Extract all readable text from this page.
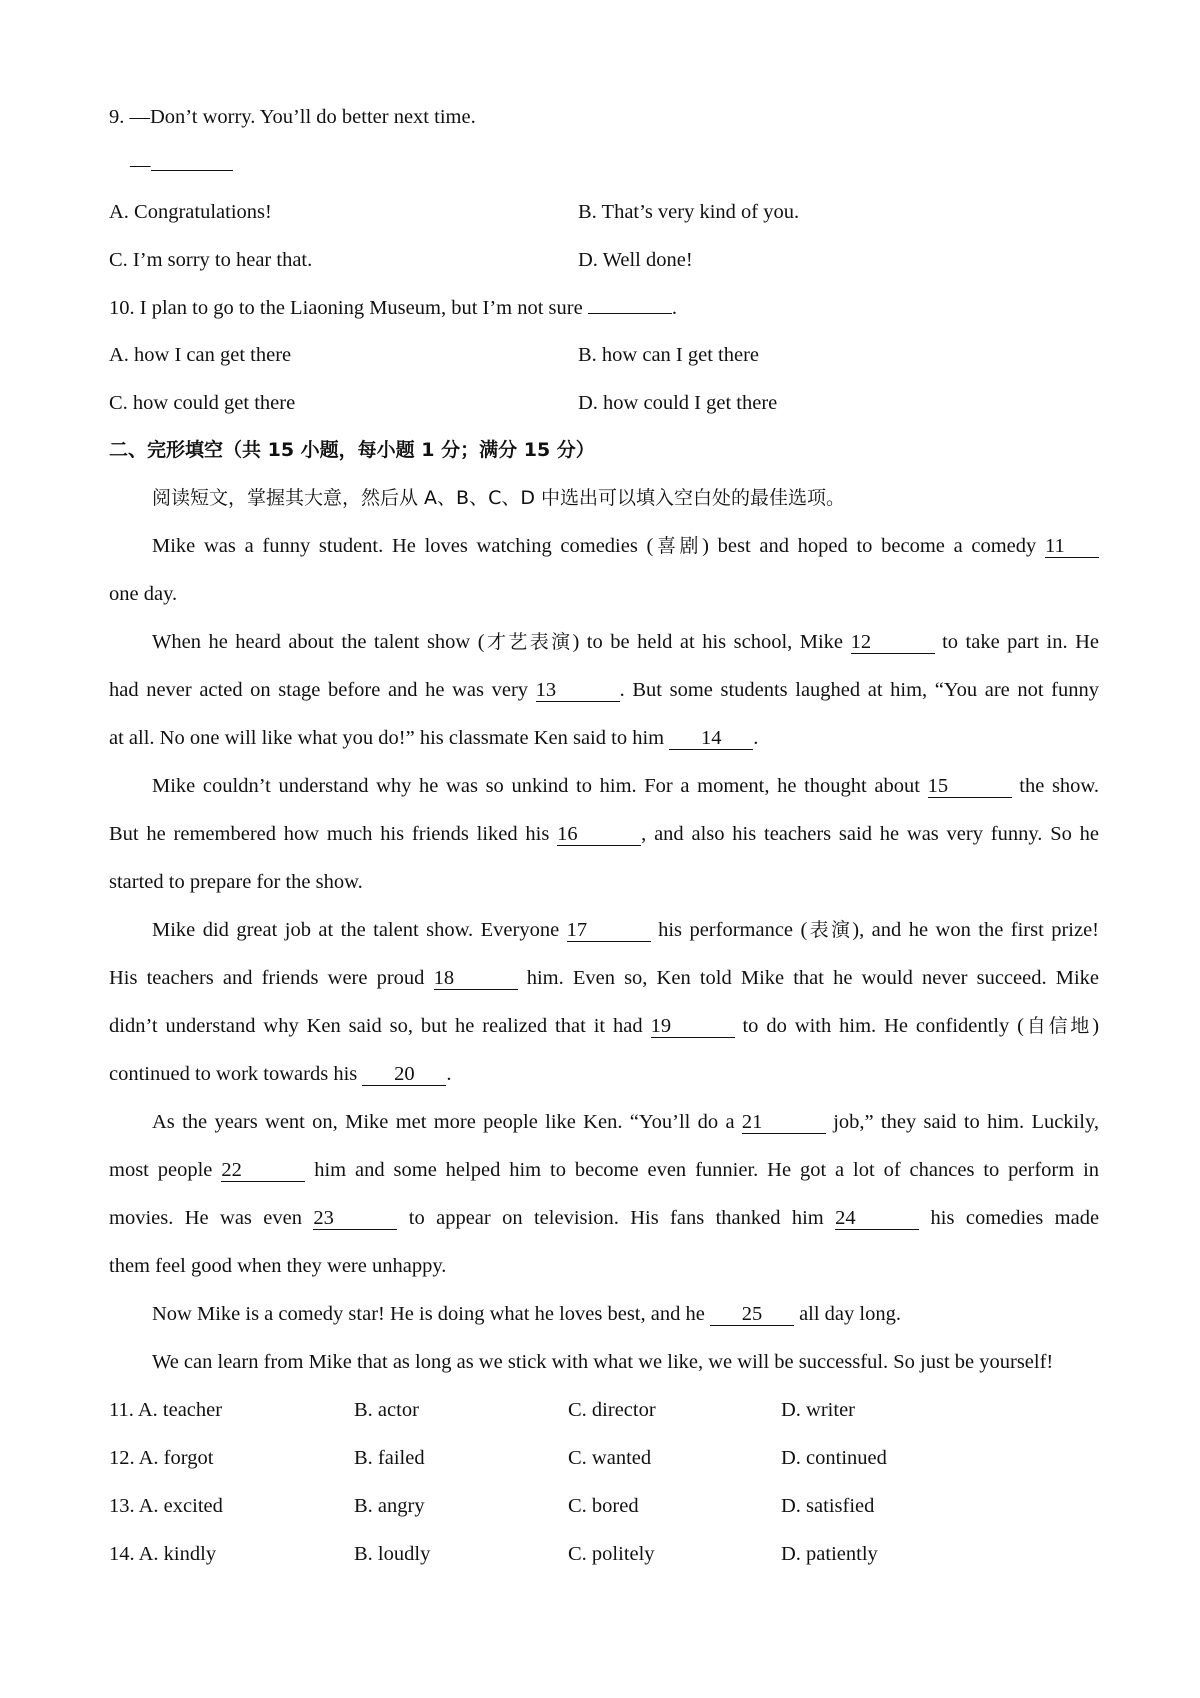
9. —Don’t worry. You’ll do better next time.
—
A. Congratulations!	B. That’s very kind of you.
C. I’m sorry to hear that.	D. Well done!
10. I plan to go to the Liaoning Museum, but I’m not sure	.
A. how I can get there	B. how can I get there
C. how could get there	D. how could I get there
二、完形填空（共 15 小题，每小题 1 分；满分 15 分）
阅读短文，掌握其大意，然后从 A、B、C、D 中选出可以填入空白处的最佳选项。
Mike was a funny student. He loves watching comedies (喜剧) best and hoped to become a comedy 11
one day.
When he heard about the talent show (才艺表演) to be held at his school, Mike 12	to take part in. He
had never acted on stage before and he was very 13	. But some students laughed at him, “You are not funny
at all. No one will like what you do!” his classmate Ken said to him 14 .
Mike couldn’t understand why he was so unkind to him. For a moment, he thought about 15	the show.
But he remembered how much his friends liked his 16	, and also his teachers said he was very funny. So he
started to prepare for the show.
Mike did great job at the talent show. Everyone 17	his performance (表演), and he won the first prize!
His teachers and friends were proud 18	him. Even so, Ken told Mike that he would never succeed. Mike
didn’t understand why Ken said so, but he realized that it had 19	to do with him. He confidently (自信地)
continued to work towards his 20 .
As the years went on, Mike met more people like Ken. “You’ll do a 21	job,” they said to him. Luckily,
most people 22	him and some helped him to become even funnier. He got a lot of chances to perform in
movies. He was even 23	to appear on television. His fans thanked him 24	his comedies made
them feel good when they were unhappy.
Now Mike is a comedy star! He is doing what he loves best, and he 25 all day long.
We can learn from Mike that as long as we stick with what we like, we will be successful. So just be yourself!
11. A. teacher	B. actor	C. director	D. writer
12. A. forgot	B. failed	C. wanted	D. continued
13. A. excited	B. angry	C. bored	D. satisfied
14. A. kindly	B. loudly	C. politely	D. patiently
